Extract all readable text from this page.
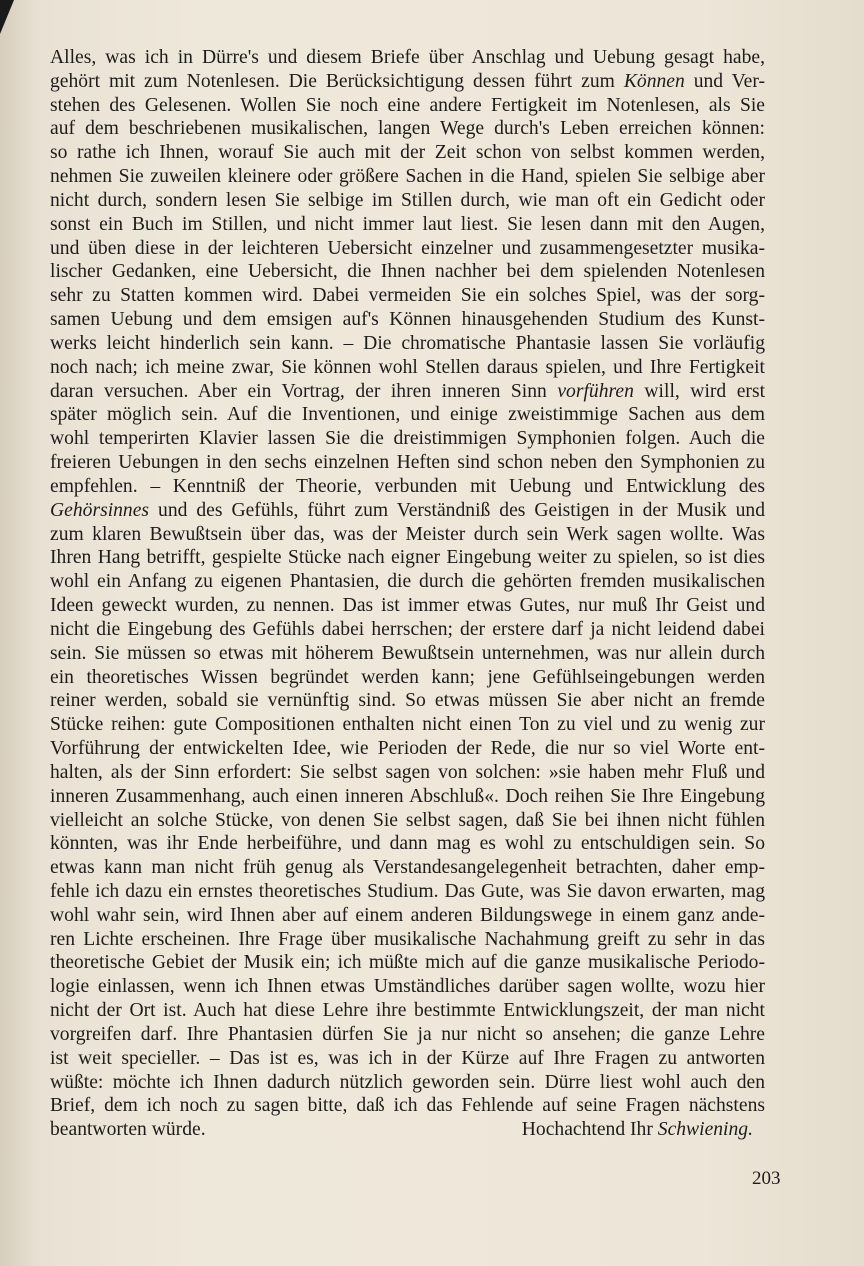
Alles, was ich in Dürre's und diesem Briefe über Anschlag und Uebung gesagt habe,
gehört mit zum Notenlesen. Die Berücksichtigung dessen führt zum Können und Ver-
stehen des Gelesenen. Wollen Sie noch eine andere Fertigkeit im Notenlesen, als Sie
auf dem beschriebenen musikalischen, langen Wege durch's Leben erreichen können:
so rathe ich Ihnen, worauf Sie auch mit der Zeit schon von selbst kommen werden,
nehmen Sie zuweilen kleinere oder größere Sachen in die Hand, spielen Sie selbige aber
nicht durch, sondern lesen Sie selbige im Stillen durch, wie man oft ein Gedicht oder
sonst ein Buch im Stillen, und nicht immer laut liest. Sie lesen dann mit den Augen,
und üben diese in der leichteren Uebersicht einzelner und zusammengesetzter musika-
lischer Gedanken, eine Uebersicht, die Ihnen nachher bei dem spielenden Notenlesen
sehr zu Statten kommen wird. Dabei vermeiden Sie ein solches Spiel, was der sorg-
samen Uebung und dem emsigen auf's Können hinausgehenden Studium des Kunst-
werks leicht hinderlich sein kann. – Die chromatische Phantasie lassen Sie vorläufig
noch nach; ich meine zwar, Sie können wohl Stellen daraus spielen, und Ihre Fertigkeit
daran versuchen. Aber ein Vortrag, der ihren inneren Sinn vorführen will, wird erst
später möglich sein. Auf die Inventionen, und einige zweistimmige Sachen aus dem
wohl temperirten Klavier lassen Sie die dreistimmigen Symphonien folgen. Auch die
freieren Uebungen in den sechs einzelnen Heften sind schon neben den Symphonien zu
empfehlen. – Kenntniß der Theorie, verbunden mit Uebung und Entwicklung des
Gehörsinnes und des Gefühls, führt zum Verständniß des Geistigen in der Musik und
zum klaren Bewußtsein über das, was der Meister durch sein Werk sagen wollte. Was
Ihren Hang betrifft, gespielte Stücke nach eigner Eingebung weiter zu spielen, so ist dies
wohl ein Anfang zu eigenen Phantasien, die durch die gehörten fremden musikalischen
Ideen geweckt wurden, zu nennen. Das ist immer etwas Gutes, nur muß Ihr Geist und
nicht die Eingebung des Gefühls dabei herrschen; der erstere darf ja nicht leidend dabei
sein. Sie müssen so etwas mit höherem Bewußtsein unternehmen, was nur allein durch
ein theoretisches Wissen begründet werden kann; jene Gefühlseingebungen werden
reiner werden, sobald sie vernünftig sind. So etwas müssen Sie aber nicht an fremde
Stücke reihen: gute Compositionen enthalten nicht einen Ton zu viel und zu wenig zur
Vorführung der entwickelten Idee, wie Perioden der Rede, die nur so viel Worte ent-
halten, als der Sinn erfordert: Sie selbst sagen von solchen: »sie haben mehr Fluß und
inneren Zusammenhang, auch einen inneren Abschluß«. Doch reihen Sie Ihre Eingebung
vielleicht an solche Stücke, von denen Sie selbst sagen, daß Sie bei ihnen nicht fühlen
könnten, was ihr Ende herbeiführe, und dann mag es wohl zu entschuldigen sein. So
etwas kann man nicht früh genug als Verstandesangelegenheit betrachten, daher emp-
fehle ich dazu ein ernstes theoretisches Studium. Das Gute, was Sie davon erwarten, mag
wohl wahr sein, wird Ihnen aber auf einem anderen Bildungswege in einem ganz ande-
ren Lichte erscheinen. Ihre Frage über musikalische Nachahmung greift zu sehr in das
theoretische Gebiet der Musik ein; ich müßte mich auf die ganze musikalische Periodo-
logie einlassen, wenn ich Ihnen etwas Umständliches darüber sagen wollte, wozu hier
nicht der Ort ist. Auch hat diese Lehre ihre bestimmte Entwicklungszeit, der man nicht
vorgreifen darf. Ihre Phantasien dürfen Sie ja nur nicht so ansehen; die ganze Lehre
ist weit specieller. – Das ist es, was ich in der Kürze auf Ihre Fragen zu antworten
wüßte: möchte ich Ihnen dadurch nützlich geworden sein. Dürre liest wohl auch den
Brief, dem ich noch zu sagen bitte, daß ich das Fehlende auf seine Fragen nächstens
beantworten würde.	Hochachtend Ihr Schwiening.
203
